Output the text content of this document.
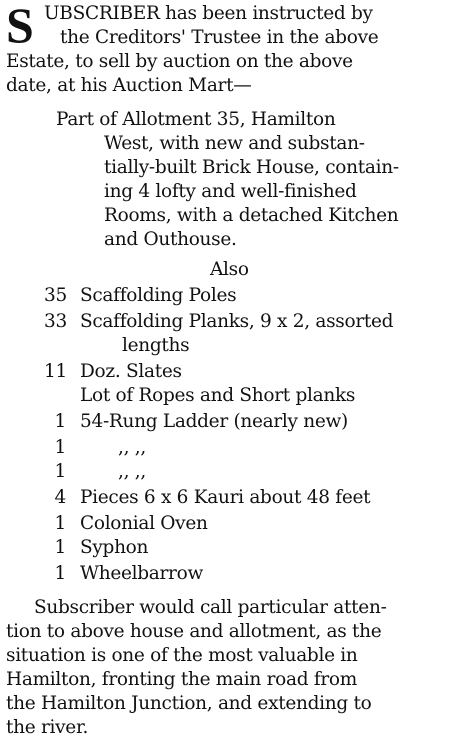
S UBSCRIBER has been instructed by
the Creditors' Trustee in the above
Estate, to sell by auction on the above
date, at his Auction Mart—
Part of Allotment 35, Hamilton
West, with new and substan-
tially-built Brick House, contain-
ing 4 lofty and well-finished
Rooms, with a detached Kitchen
and Outhouse.
Also
35 Scaffolding Poles
33 Scaffolding Planks, 9 x 2, assorted
lengths
11 Doz. Slates
Lot of Ropes and Short planks
1 54-Rung Ladder (nearly new)
1	,, ,,
1	,, ,,
4 Pieces 6 x 6 Kauri about 48 feet
1 Colonial Oven
1 Syphon
1 Wheelbarrow
Subscriber would call particular atten-
tion to above house and allotment, as the
situation is one of the most valuable in
Hamilton, fronting the main road from
the Hamilton Junction, and extending to
the river.
